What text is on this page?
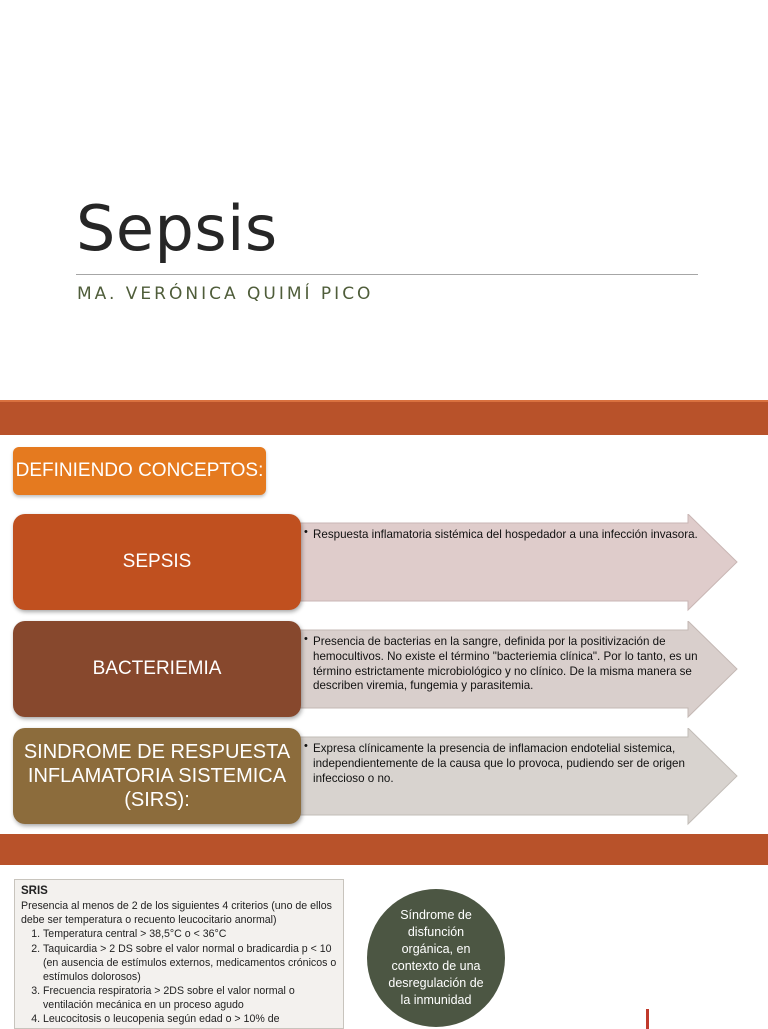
Sepsis

MA. VERÓNICA QUIMÍ PICO

DEFINIENDO CONCEPTOS:
SEPSIS
• Respuesta inflamatoria sistémica del hospedador a una infección invasora.
BACTERIEMIA
• Presencia de bacterias en la sangre, definida por la positivización de hemocultivos. No existe el término "bacteriemia clínica". Por lo tanto, es un término estrictamente microbiológico y no clínico. De la misma manera se describen viremia, fungemia y parasitemia.
SINDROME DE RESPUESTA INFLAMATORIA SISTEMICA (SIRS):
• Expresa clínicamente la presencia de inflamacion endotelial sistemica, independientemente de la causa que lo provoca, pudiendo ser de origen infeccioso o no.
SRIS
Presencia al menos de 2 de los siguientes 4 criterios (uno de ellos debe ser temperatura o recuento leucocitario anormal)
1. Temperatura central > 38,5°C o < 36°C
2. Taquicardia > 2 DS sobre el valor normal o bradicardia p < 10 (en ausencia de estímulos externos, medicamentos crónicos o estímulos dolorosos)
3. Frecuencia respiratoria > 2DS sobre el valor normal o ventilación mecánica en un proceso agudo
4. Leucocitosis o leucopenia según edad o > 10% de
Síndrome de disfunción orgánica, en contexto de una desregulación de la inmunidad
